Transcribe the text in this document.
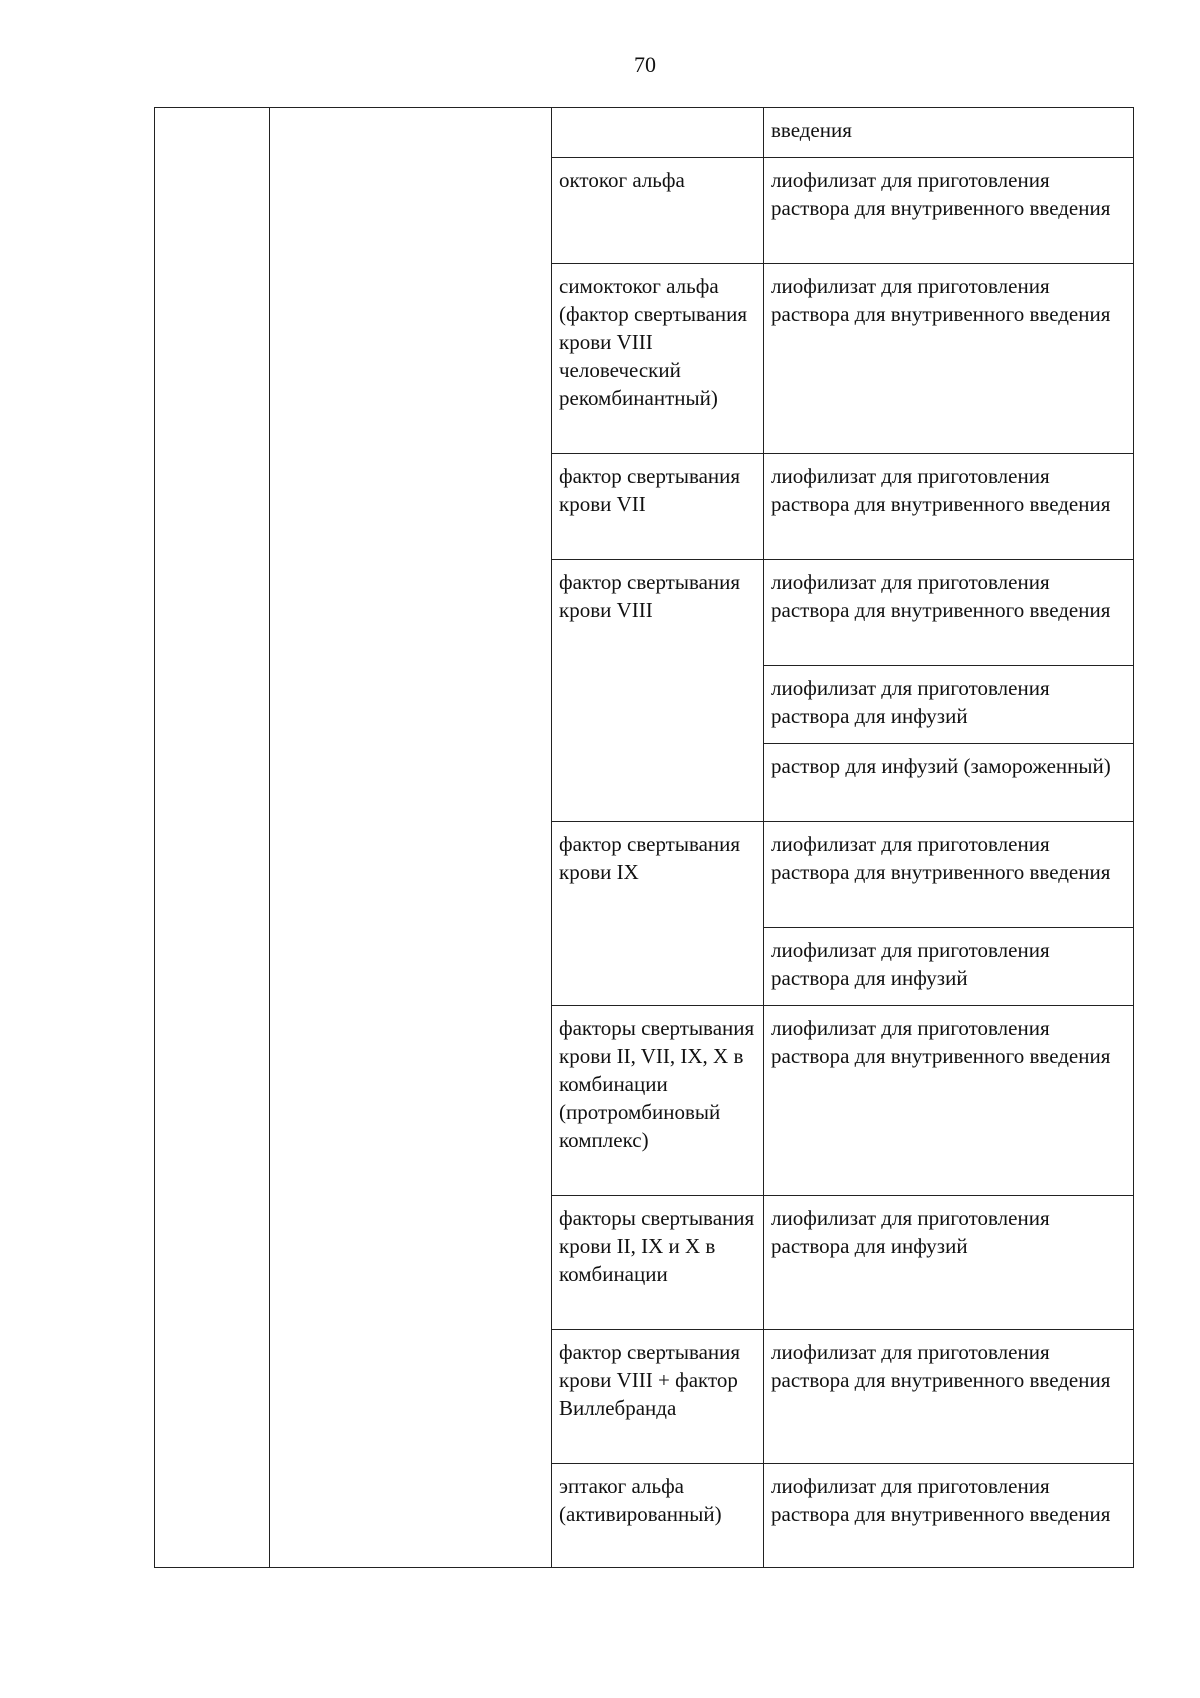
70
			введения
		октоког альфа	лиофилизат для приготовления раствора для внутривенного введения
		симоктоког альфа (фактор свертывания крови VIII человеческий рекомбинантный)	лиофилизат для приготовления раствора для внутривенного введения
		фактор свертывания крови VII	лиофилизат для приготовления раствора для внутривенного введения
		фактор свертывания крови VIII	лиофилизат для приготовления раствора для внутривенного введения
			лиофилизат для приготовления раствора для инфузий
			раствор для инфузий (замороженный)
		фактор свертывания крови IX	лиофилизат для приготовления раствора для внутривенного введения
			лиофилизат для приготовления раствора для инфузий
		факторы свертывания крови II, VII, IX, X в комбинации (протромбиновый комплекс)	лиофилизат для приготовления раствора для внутривенного введения
		факторы свертывания крови II, IX и X в комбинации	лиофилизат для приготовления раствора для инфузий
		фактор свертывания крови VIII + фактор Виллебранда	лиофилизат для приготовления раствора для внутривенного введения
		эптаког альфа (активированный)	лиофилизат для приготовления раствора для внутривенного введения
